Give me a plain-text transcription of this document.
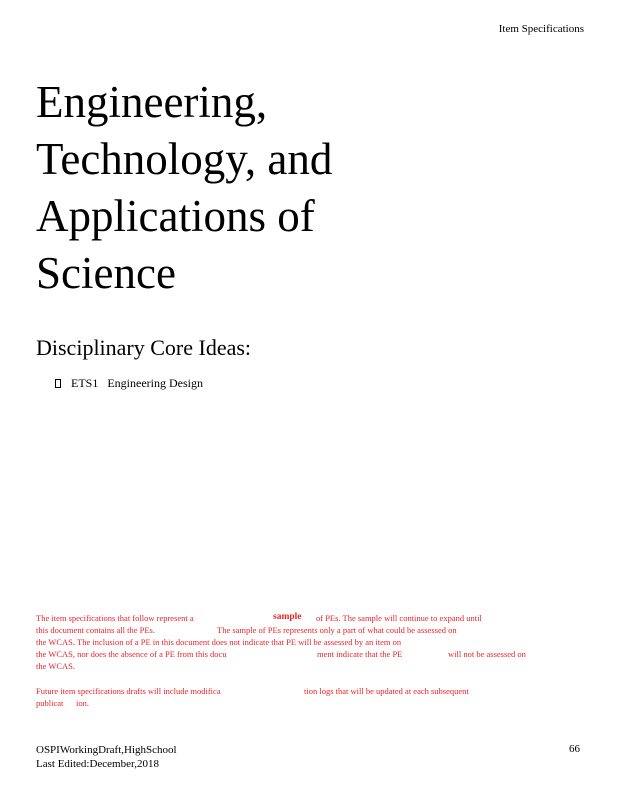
Item Specifications
Engineering,
Technology, and
Applications of
Science
Disciplinary Core Ideas:
ETS1 Engineering Design
The item specifications that follow represent a	sample of PEs. The sample will continue to expand until
this document contains all the PEs.	The sample of PEs represents only a part of what could be assessed on
the WCAS. The inclusion of a PE in this document does not indicate that PE will be assessed by an item on
the WCAS, nor does the absence of a PE from this docu	ment indicate that the PE	will not be assessed on
the WCAS.
Future item specifications drafts will include modifica	tion logs that will be updated at each subsequent
publicat ion.
OSPIWorkingDraft,HighSchool
Last Edited:December,2018
66
